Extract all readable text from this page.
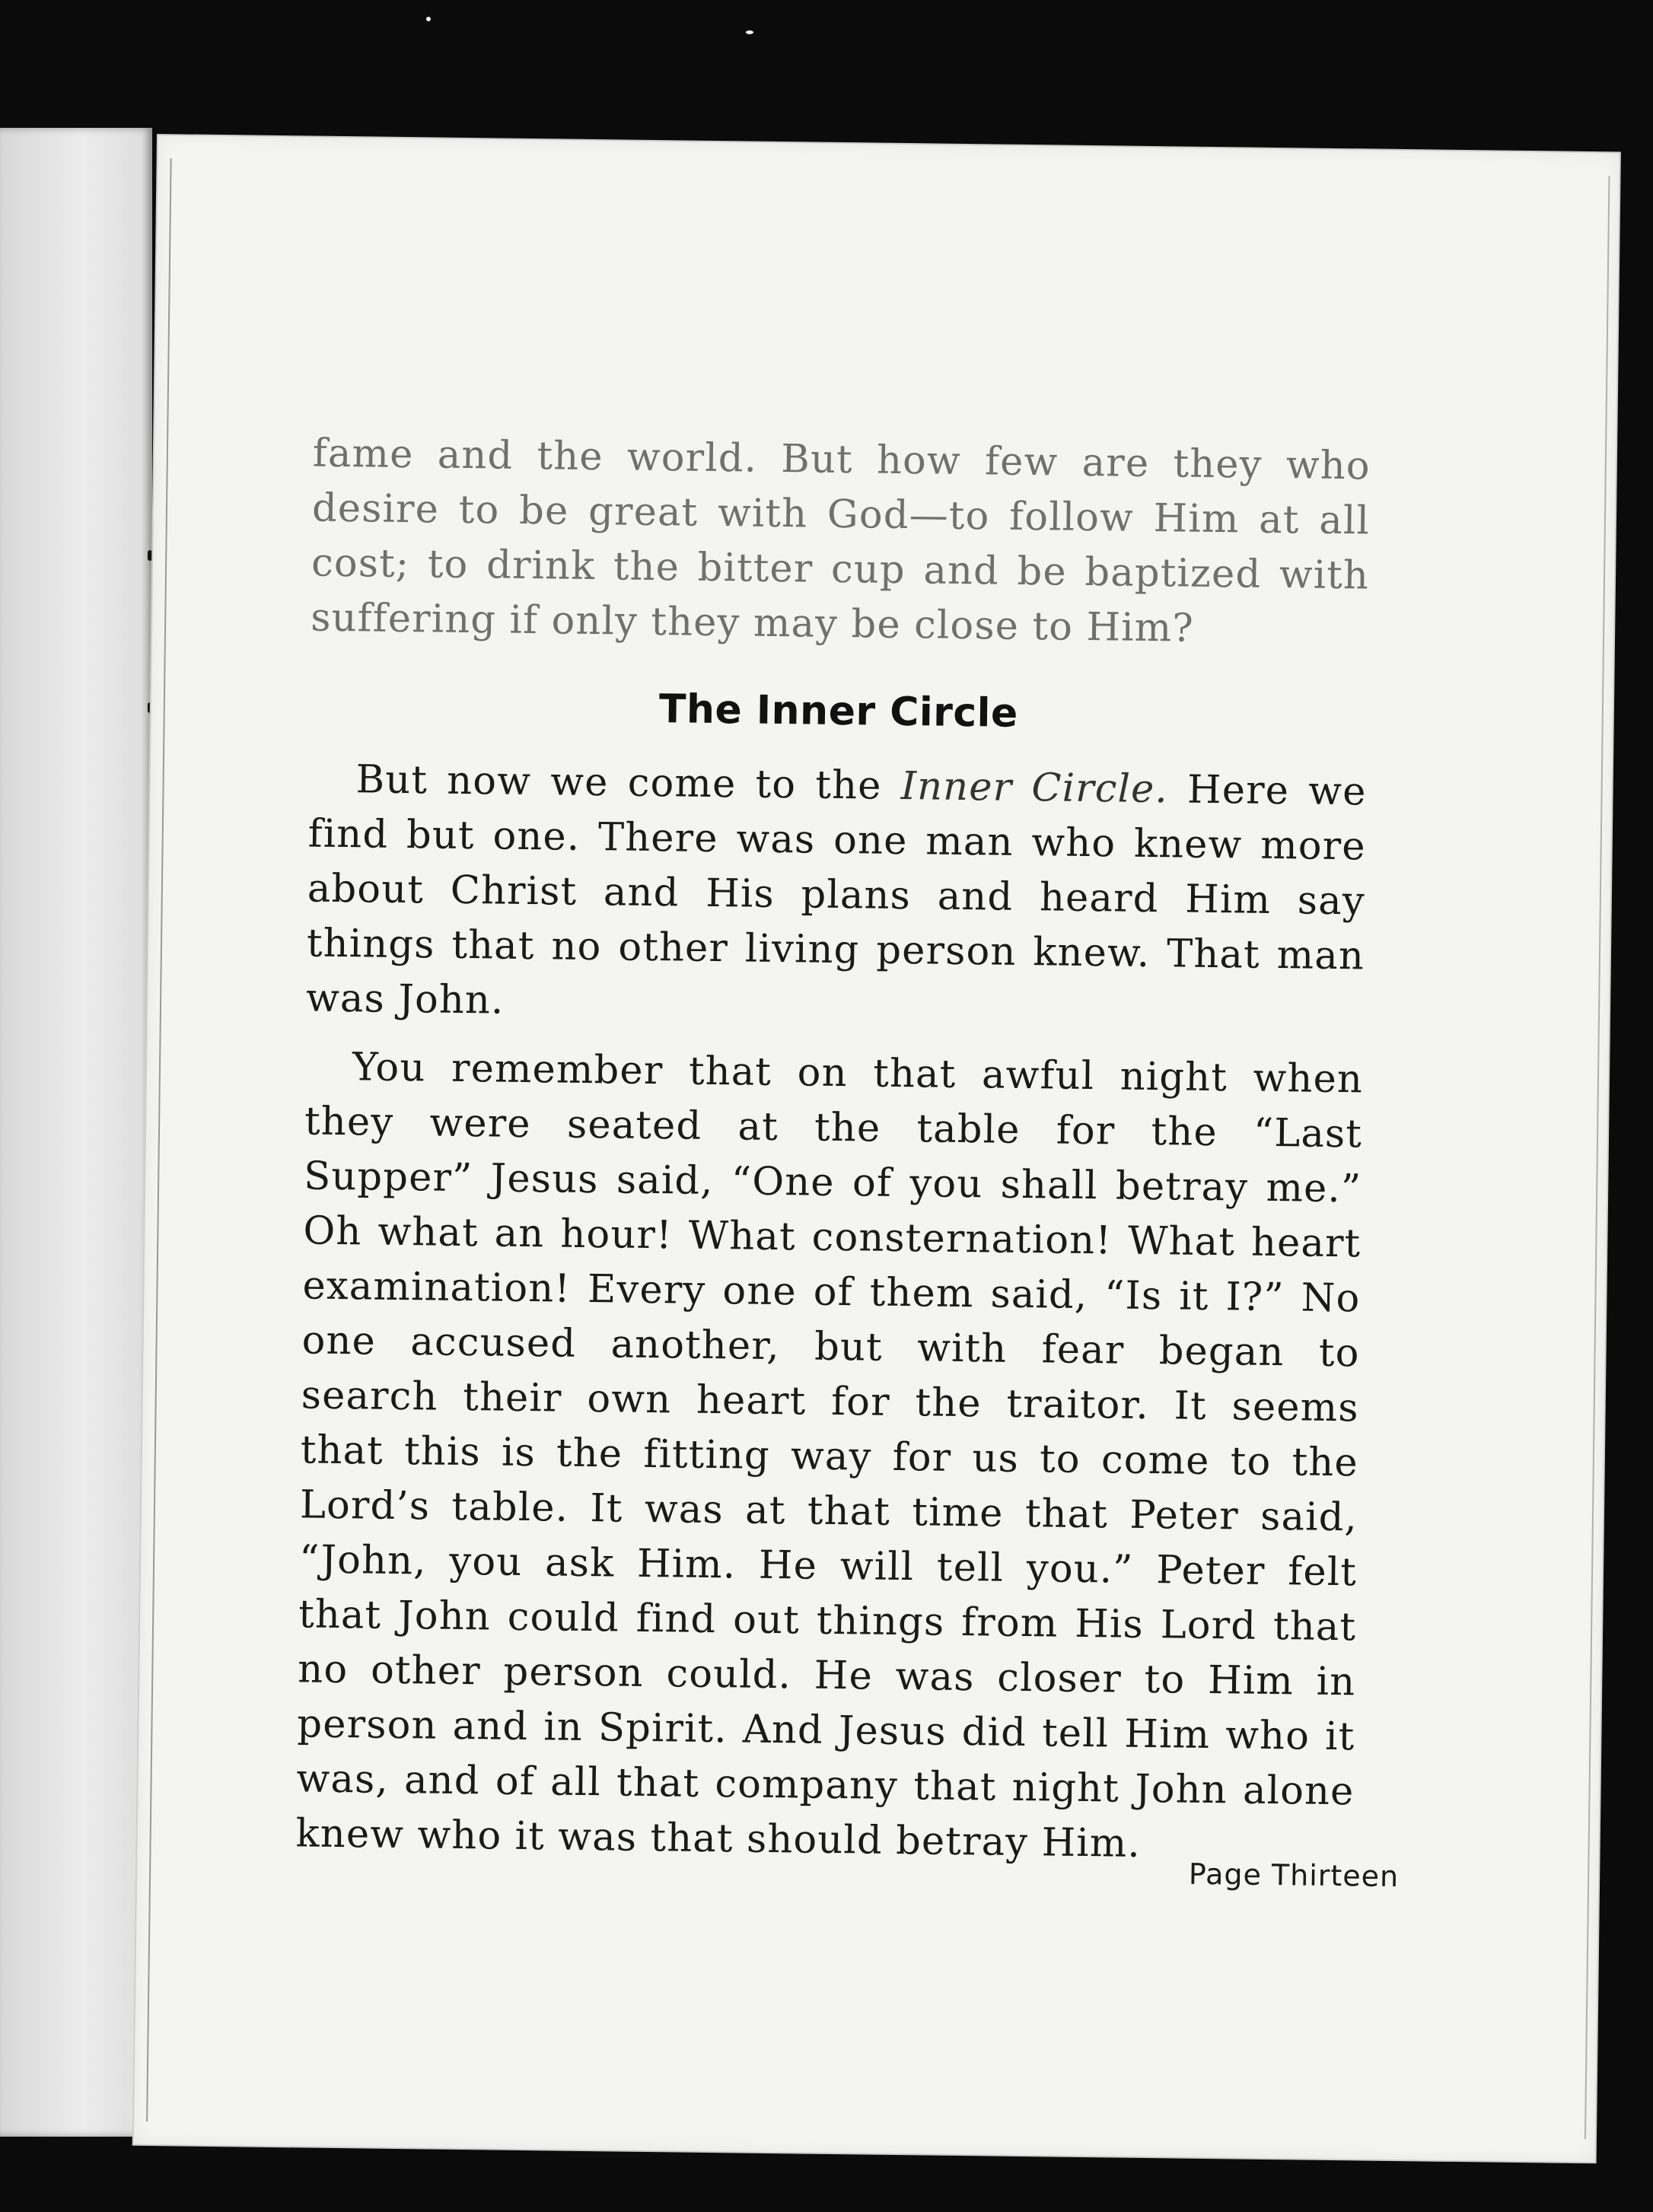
fame and the world. But how few are they who desire to be great with God—to follow Him at all cost; to drink the bitter cup and be baptized with suffering if only they may be close to Him?

The Inner Circle

But now we come to the Inner Circle. Here we find but one. There was one man who knew more about Christ and His plans and heard Him say things that no other living person knew. That man was John.

You remember that on that awful night when they were seated at the table for the “Last Supper” Jesus said, “One of you shall betray me.” Oh what an hour! What consternation! What heart examination! Every one of them said, “Is it I?” No one accused another, but with fear began to search their own heart for the traitor. It seems that this is the fitting way for us to come to the Lord’s table. It was at that time that Peter said, “John, you ask Him. He will tell you.” Peter felt that John could find out things from His Lord that no other person could. He was closer to Him in person and in Spirit. And Jesus did tell Him who it was, and of all that company that night John alone knew who it was that should betray Him.

Page Thirteen
